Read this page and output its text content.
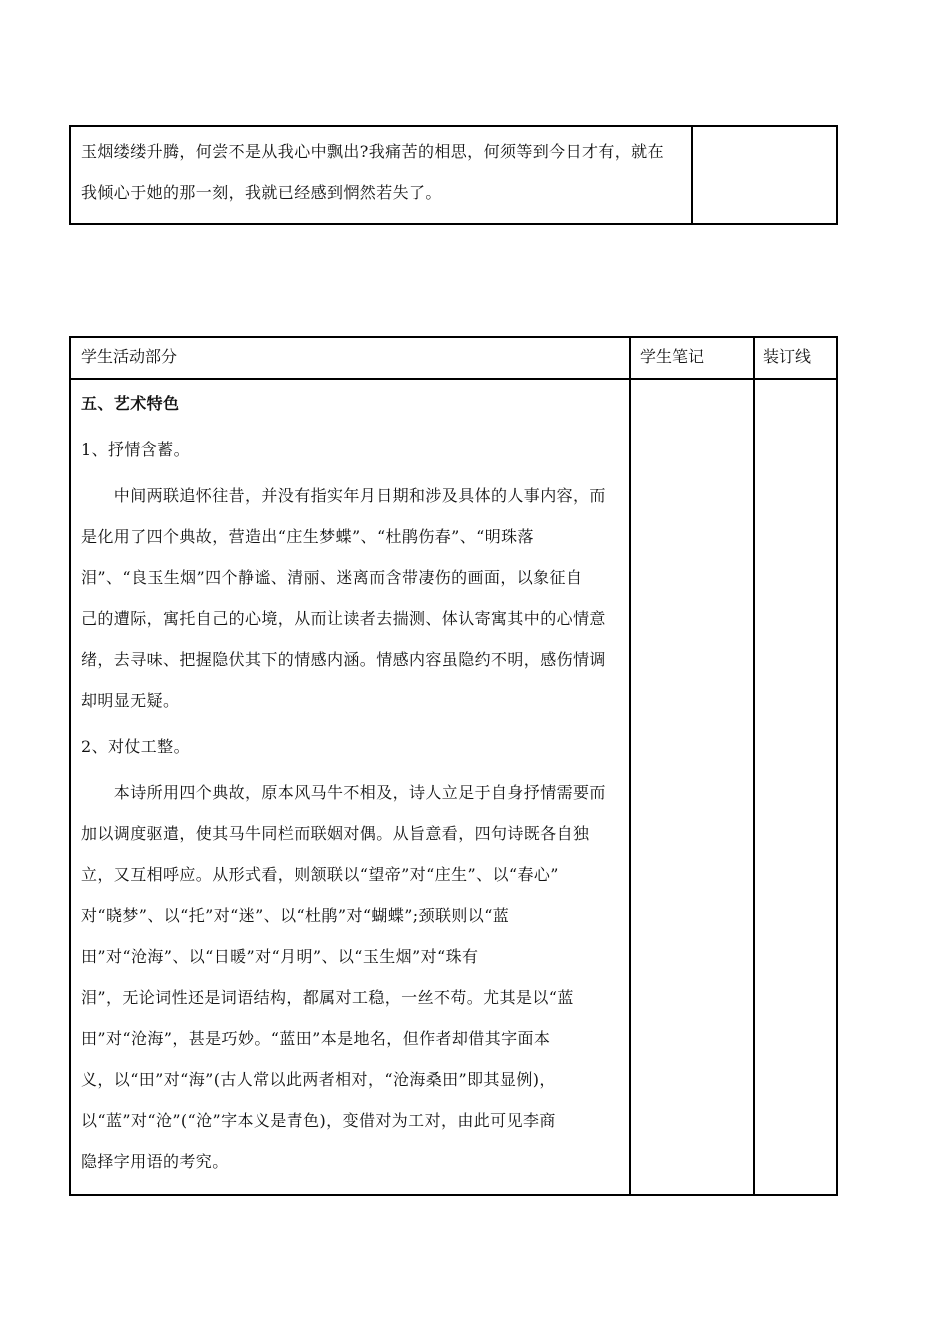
玉烟缕缕升腾，何尝不是从我心中飘出?我痛苦的相思，何须等到今日才有，就在
我倾心于她的那一刻，我就已经感到惘然若失了。
学生活动部分	学生笔记	装订线
五、艺术特色
1、抒情含蓄。
　　中间两联追怀往昔，并没有指实年月日期和涉及具体的人事内容，而
是化用了四个典故，营造出“庄生梦蝶”、“杜鹃伤春”、“明珠落
泪”、“良玉生烟”四个静谧、清丽、迷离而含带凄伤的画面，以象征自
己的遭际，寓托自己的心境，从而让读者去揣测、体认寄寓其中的心情意
绪，去寻味、把握隐伏其下的情感内涵。情感内容虽隐约不明，感伤情调
却明显无疑。
2、对仗工整。
　　本诗所用四个典故，原本风马牛不相及，诗人立足于自身抒情需要而
加以调度驱遣，使其马牛同栏而联姻对偶。从旨意看，四句诗既各自独
立，又互相呼应。从形式看，则颔联以“望帝”对“庄生”、以“春心”
对“晓梦”、以“托”对“迷”、以“杜鹃”对“蝴蝶”;颈联则以“蓝
田”对“沧海”、以“日暖”对“月明”、以“玉生烟”对“珠有
泪”，无论词性还是词语结构，都属对工稳，一丝不苟。尤其是以“蓝
田”对“沧海”，甚是巧妙。“蓝田”本是地名，但作者却借其字面本
义，以“田”对“海”(古人常以此两者相对，“沧海桑田”即其显例)，
以“蓝”对“沧”(“沧”字本义是青色)，变借对为工对，由此可见李商
隐择字用语的考究。
